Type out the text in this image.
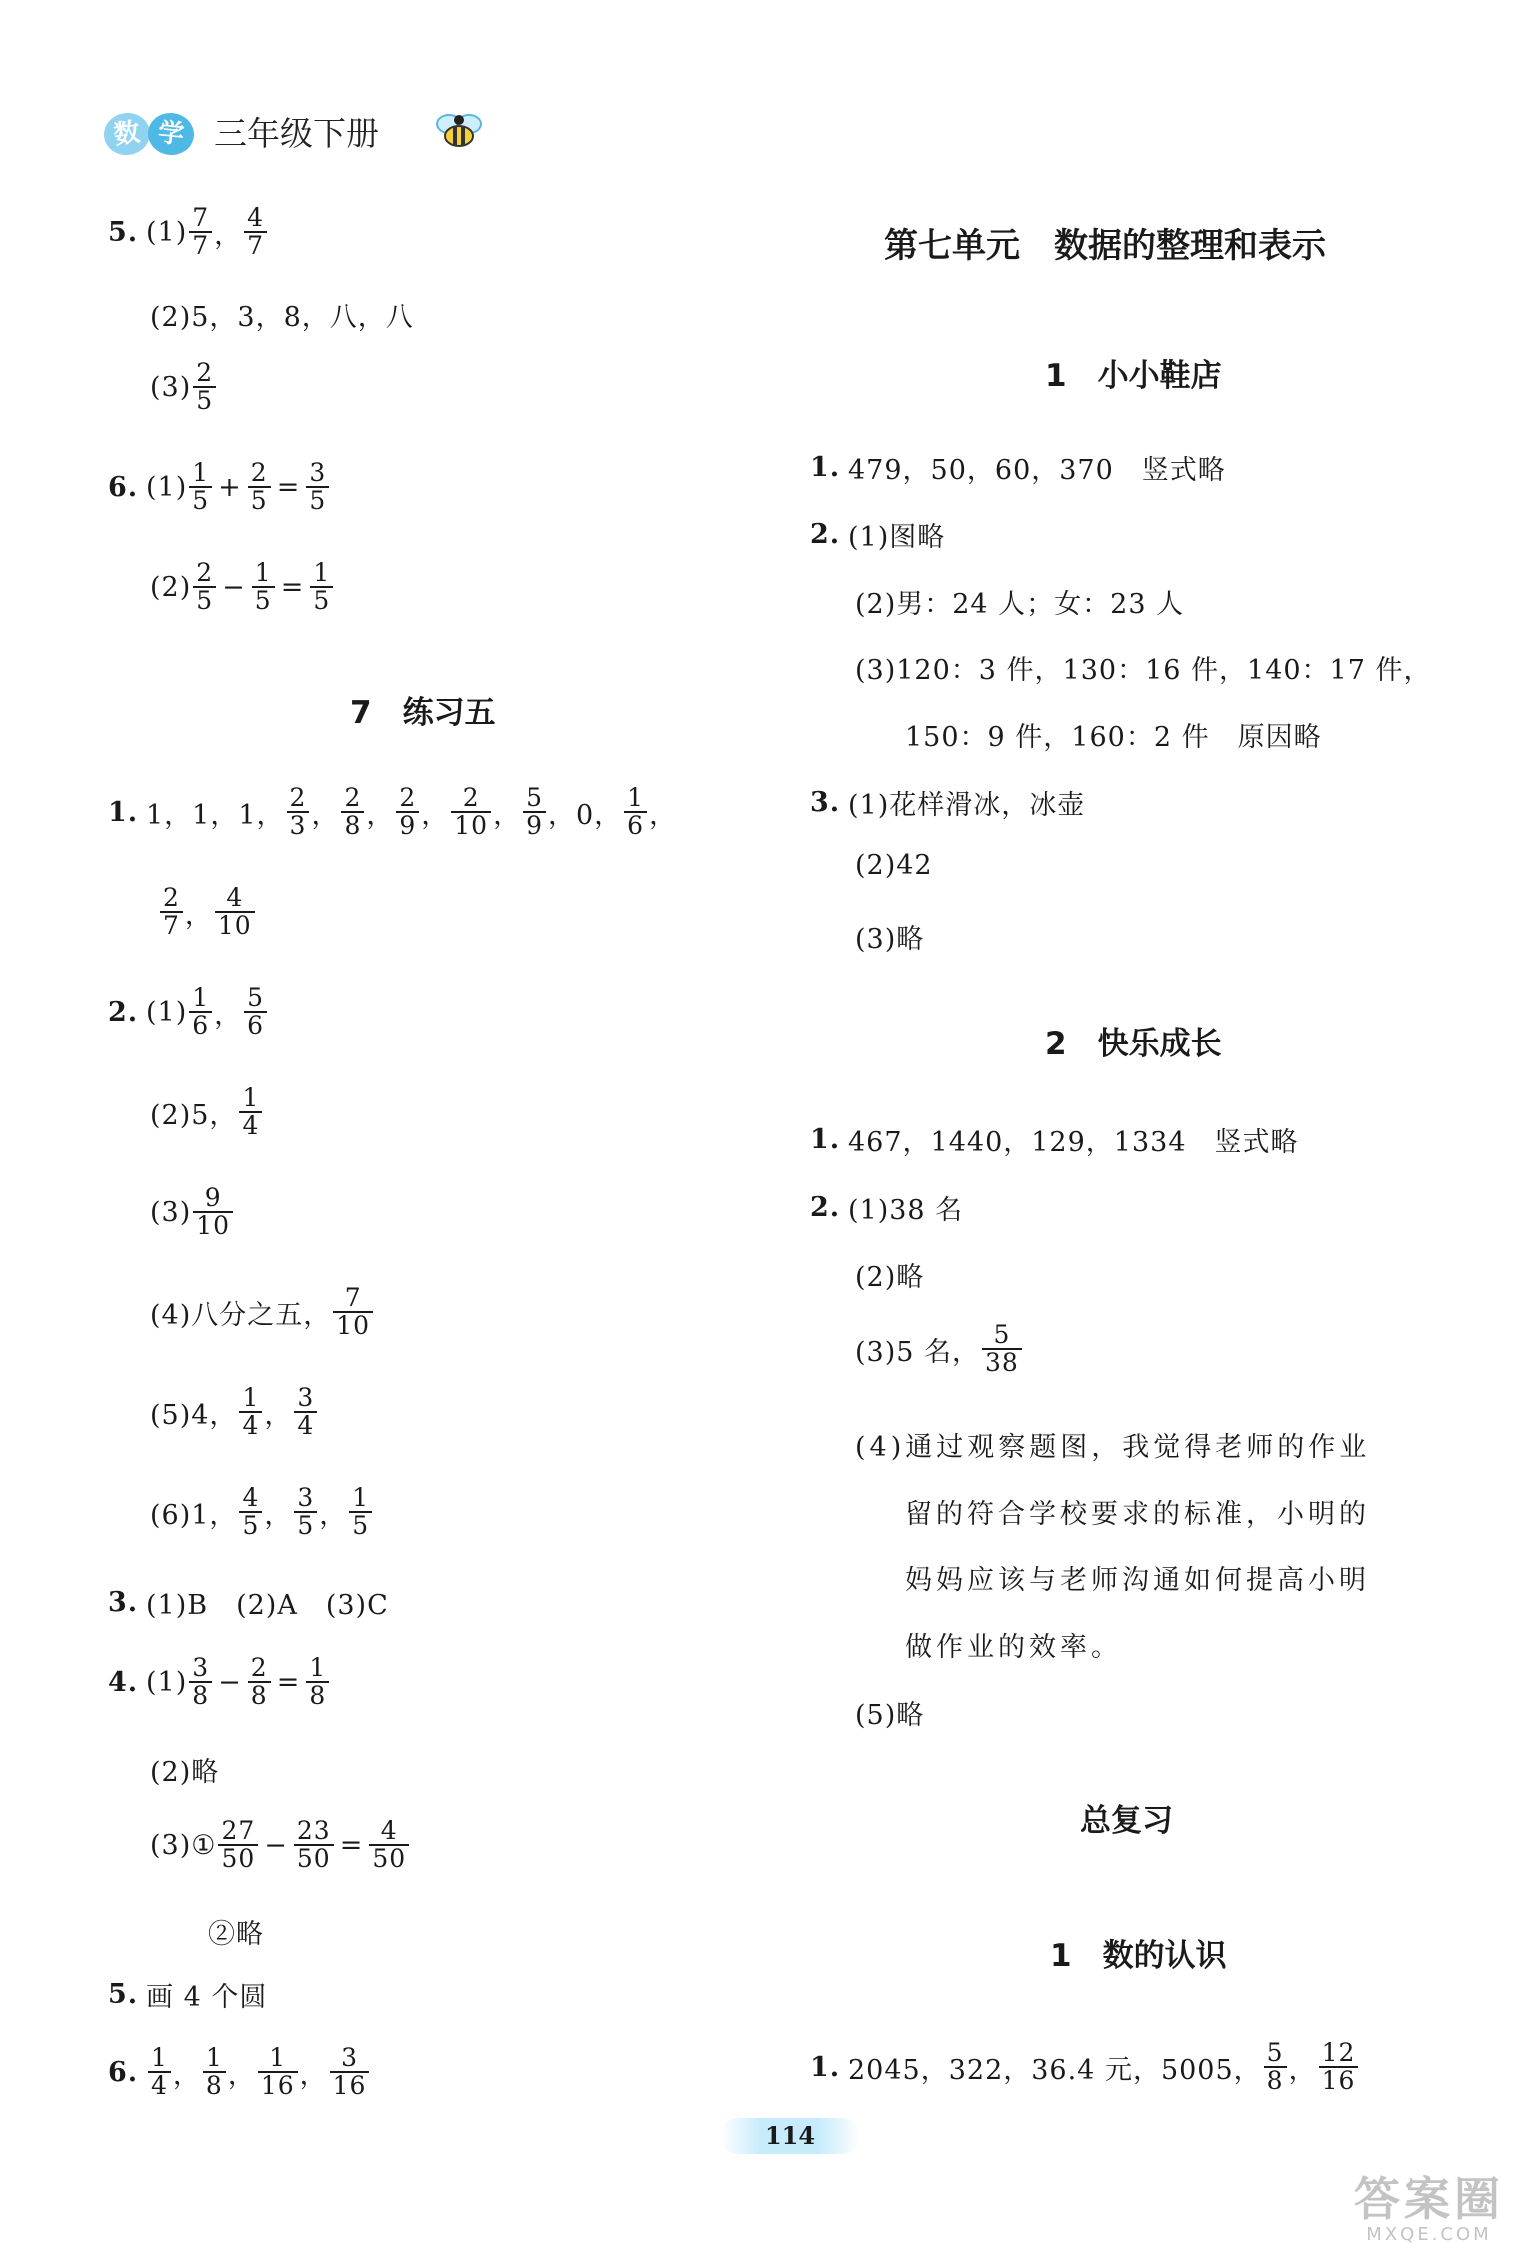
数 学 三年级下册
5. $(1) \frac{7}{7}$ ， $\frac{4}{7}$
(2)5，3，8，八，八
$(3) \frac{2}{5}$
6. $(1) \frac{1}{5} + \frac{2}{5} = \frac{3}{5}$
$(2) \frac{2}{5} - \frac{1}{5} = \frac{1}{5}$
7　练习五
1. 1，1，1， $\frac{2}{3}$ ， $\frac{2}{8}$ ， $\frac{2}{9}$ ， $\frac{2}{10}$ ， $\frac{5}{9}$ ， 0， $\frac{1}{6}$ ，
$\frac{2}{7}$ ， $\frac{4}{10}$
2. $(1) \frac{1}{6}$ ， $\frac{5}{6}$
(2)5， $\frac{1}{4}$
$(3) \frac{9}{10}$
(4)八分之五， $\frac{7}{10}$
(5)4， $\frac{1}{4}$ ， $\frac{3}{4}$
(6)1， $\frac{4}{5}$ ， $\frac{3}{5}$ ， $\frac{1}{5}$
3. (1)B　(2)A　(3)C
4. $(1) \frac{3}{8} - \frac{2}{8} = \frac{1}{8}$
(2)略
(3)① $\frac{27}{50} - \frac{23}{50} = \frac{4}{50}$
②略
5. 画 4 个圆
6. $\frac{1}{4}$ ， $\frac{1}{8}$ ， $\frac{1}{16}$ ， $\frac{3}{16}$
第七单元　数据的整理和表示
1　小小鞋店
1. 479，50，60，370　竖式略
2. (1)图略
(2)男：24 人；女：23 人
(3)120：3 件，130：16 件，140：17 件，
150：9 件，160：2 件　原因略
3. (1)花样滑冰，冰壶
(2)42
(3)略
2　快乐成长
1. 467，1440，129，1334　竖式略
2. (1)38 名
(2)略
(3)5 名， $\frac{5}{38}$
(4)通过观察题图，我觉得老师的作业
留的符合学校要求的标准，小明的
妈妈应该与老师沟通如何提高小明
做作业的效率。
(5)略
总复习
1　数的认识
1. 2045，322，36.4 元，5005， $\frac{5}{8}$ ， $\frac{12}{16}$
114
答案圈
MXQE.COM
